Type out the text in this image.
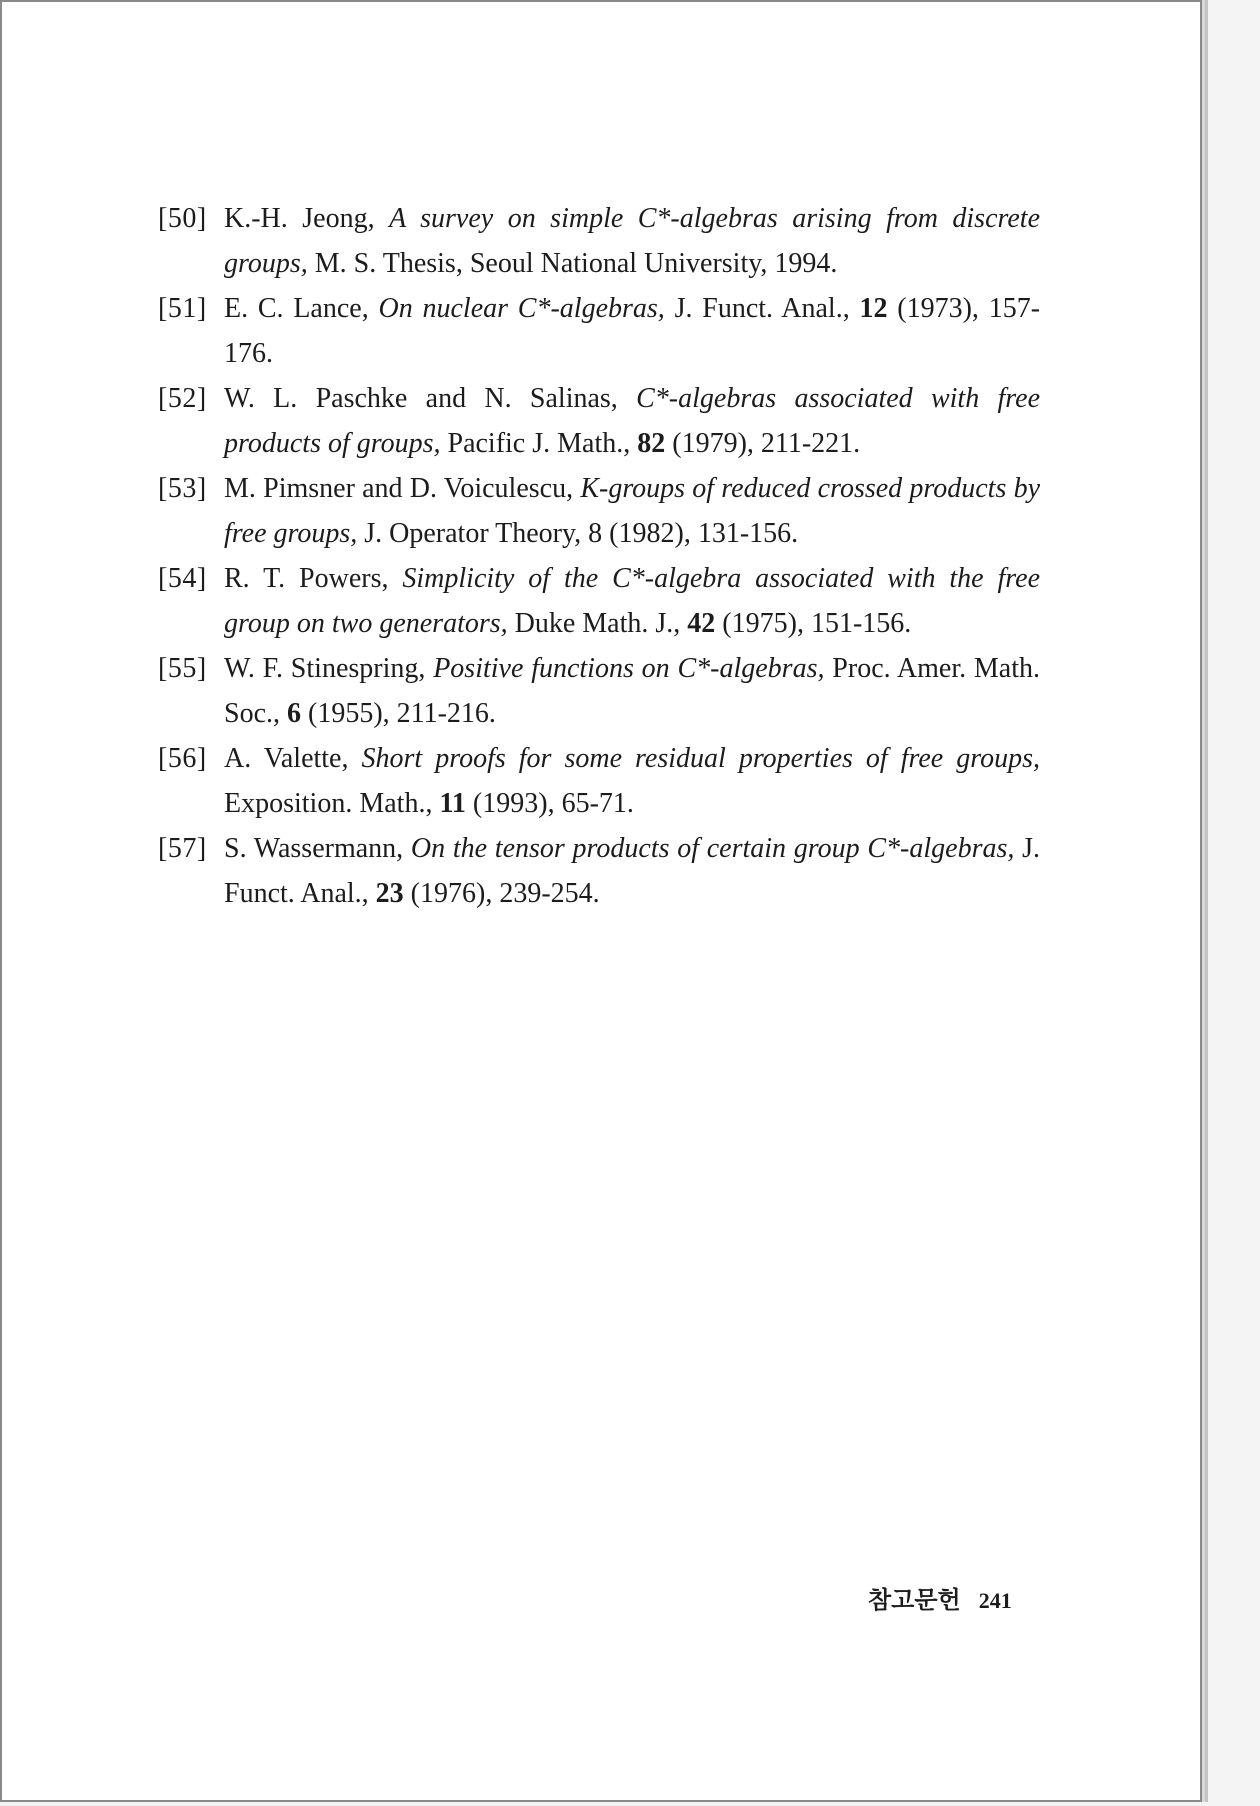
[50] K.-H. Jeong, A survey on simple C*-algebras arising from discrete groups, M. S. Thesis, Seoul National University, 1994.
[51] E. C. Lance, On nuclear C*-algebras, J. Funct. Anal., 12 (1973), 157-176.
[52] W. L. Paschke and N. Salinas, C*-algebras associated with free products of groups, Pacific J. Math., 82 (1979), 211-221.
[53] M. Pimsner and D. Voiculescu, K-groups of reduced crossed products by free groups, J. Operator Theory, 8 (1982), 131-156.
[54] R. T. Powers, Simplicity of the C*-algebra associated with the free group on two generators, Duke Math. J., 42 (1975), 151-156.
[55] W. F. Stinespring, Positive functions on C*-algebras, Proc. Amer. Math. Soc., 6 (1955), 211-216.
[56] A. Valette, Short proofs for some residual properties of free groups, Exposition. Math., 11 (1993), 65-71.
[57] S. Wassermann, On the tensor products of certain group C*-algebras, J. Funct. Anal., 23 (1976), 239-254.
참고문헌 241
